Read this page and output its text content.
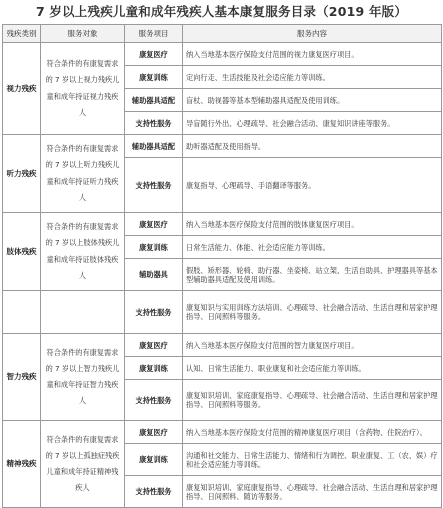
7 岁以上残疾儿童和成年残疾人基本康复服务目录（2019 年版）
残疾类别	服务对象	服务项目	服务内容
视力残疾	符合条件的有康复需求的 7 岁以上视力残疾儿童和成年持证视力残疾人	康复医疗	纳入当地基本医疗保险支付范围的视力康复医疗项目。
		康复训练	定向行走、生活技能及社会适应能力等训练。
		辅助器具适配	盲杖、助视器等基本型辅助器具适配及使用训练。
		支持性服务	导盲随行外出、心理疏导、社会融合活动、康复知识讲座等服务。
听力残疾	符合条件的有康复需求的 7 岁以上听力残疾儿童和成年持证听力残疾人	辅助器具适配	助听器适配及使用指导。
		支持性服务	康复指导、心理疏导、手语翻译等服务。
肢体残疾	符合条件的有康复需求的 7 岁以上肢体残疾儿童和成年持证肢体残疾人	康复医疗	纳入当地基本医疗保险支付范围的肢体康复医疗项目。
		康复训练	日常生活能力、体能、社会适应能力等训练。
		辅助器具	假肢、矫形器、轮椅、助行器、坐姿椅、站立架、生活自助具、护理器具等基本型辅助器具适配及使用训练。
		支持性服务	康复知识与实用训练方法培训、心理疏导、社会融合活动、生活自理和居家护理指导、日间照料等服务。
智力残疾	符合条件的有康复需求的 7 岁以上智力残疾儿童和成年持证智力残疾人	康复医疗	纳入当地基本医疗保险支付范围的智力康复医疗项目。
		康复训练	认知、日常生活能力、职业康复和社会适应能力等训练。
		支持性服务	康复知识培训、家庭康复指导、心理疏导、社会融合活动、生活自理和居家护理指导、日间照料等服务。
精神残疾	符合条件的有康复需求的 7 岁以上孤独症残疾儿童和成年持证精神残疾人	康复医疗	纳入当地基本医疗保险支付范围的精神康复医疗项目（含药物、住院治疗）。
		康复训练	沟通和社交能力、日常生活能力、情绪和行为调控、职业康复、工（农、娱）疗和社会适应能力等训练。
		支持性服务	康复知识培训、家庭康复指导、心理疏导、社会融合活动、生活自理和居家护理指导、日间照料、随访等服务。
